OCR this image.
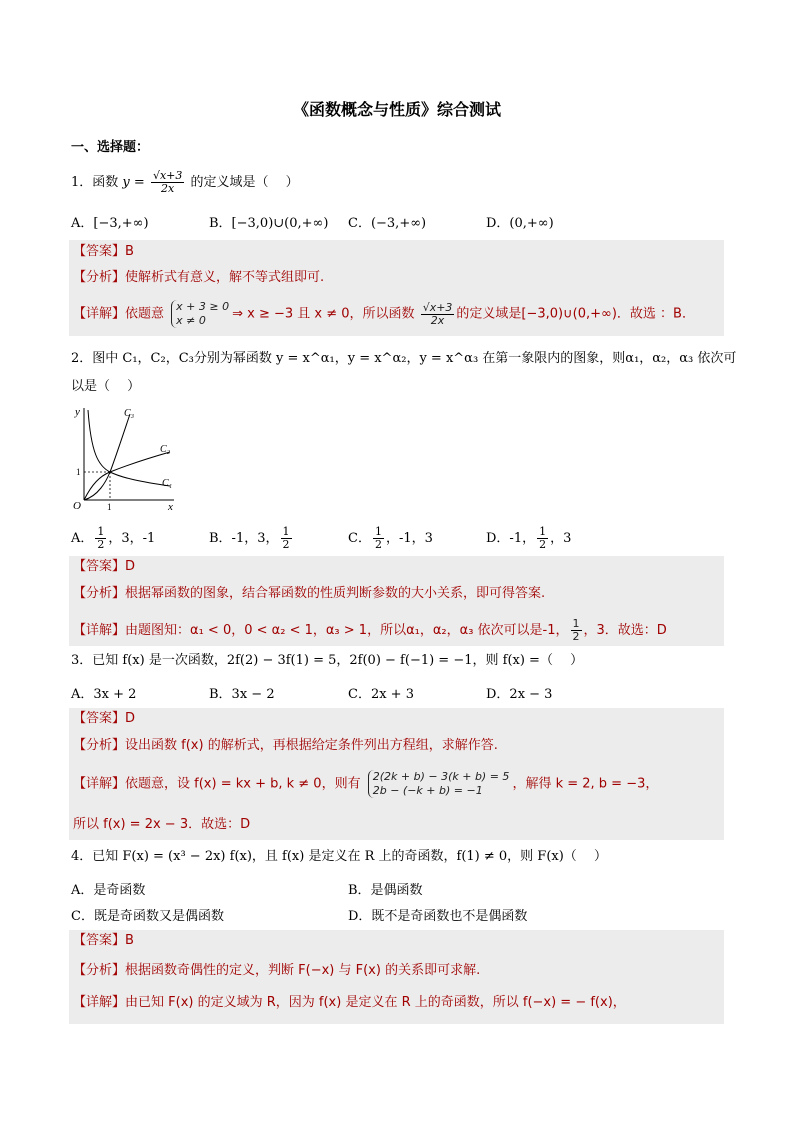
《函数概念与性质》综合测试
一、选择题：
1．函数 $y = \frac{√x+3}{2x}$ 的定义域是（　 ）
A．[−3,+∞)	B．[−3,0)∪(0,+∞) C．(−3,+∞)	D．(0,+∞)
【答案】B
【分析】使解析式有意义，解不等式组即可.
【详解】依题意 x + 3 ≥ 0
x ≠ 0	⇒ x ≥ −3 且 x ≠ 0，所以函数 $\frac{√x+3}{2x}$ 的定义域是[−3,0)∪(0,+∞)．故选 ：B．
2．图中 C₁，C₂，C₃分别为幂函数 y = x^α₁，y = x^α₂，y = x^α₃ 在第一象限内的图象，则α₁，α₂，α₃ 依次可
以是（　 ）
y
x
O
1
1
C₁
C₂
C₃
A． $\frac{1}{2}$ ，3，-1	B．-1，3， $\frac{1}{2}$	C． $\frac{1}{2}$ ，-1，3	D．-1， $\frac{1}{2}$ ，3
【答案】D
【分析】根据幂函数的图象，结合幂函数的性质判断参数的大小关系，即可得答案.
【详解】由题图知：α₁ < 0，0 < α₂ < 1，α₃ > 1，所以α₁，α₂，α₃ 依次可以是-1， $\frac{1}{2}$ ，3．故选：D
3．已知 f(x) 是一次函数，2f(2) − 3f(1) = 5，2f(0) − f(−1) = −1，则 f(x) =（　 ）
A．3x + 2	B．3x − 2	C．2x + 3	D．2x − 3
【答案】D
【分析】设出函数 f(x) 的解析式，再根据给定条件列出方程组，求解作答.
【详解】依题意，设 f(x) = kx + b, k ≠ 0，则有 2(2k + b) − 3(k + b) = 5
2b − (−k + b) = −1	，解得 k = 2, b = −3，
所以 f(x) = 2x − 3．故选：D
4．已知 F(x) = (x³ − 2x) f(x)，且 f(x) 是定义在 R 上的奇函数，f(1) ≠ 0，则 F(x)（　 ）
A．是奇函数	B．是偶函数
C．既是奇函数又是偶函数	D．既不是奇函数也不是偶函数
【答案】B
【分析】根据函数奇偶性的定义，判断 F(−x) 与 F(x) 的关系即可求解.
【详解】由已知 F(x) 的定义域为 R，因为 f(x) 是定义在 R 上的奇函数，所以 f(−x) = − f(x)，
